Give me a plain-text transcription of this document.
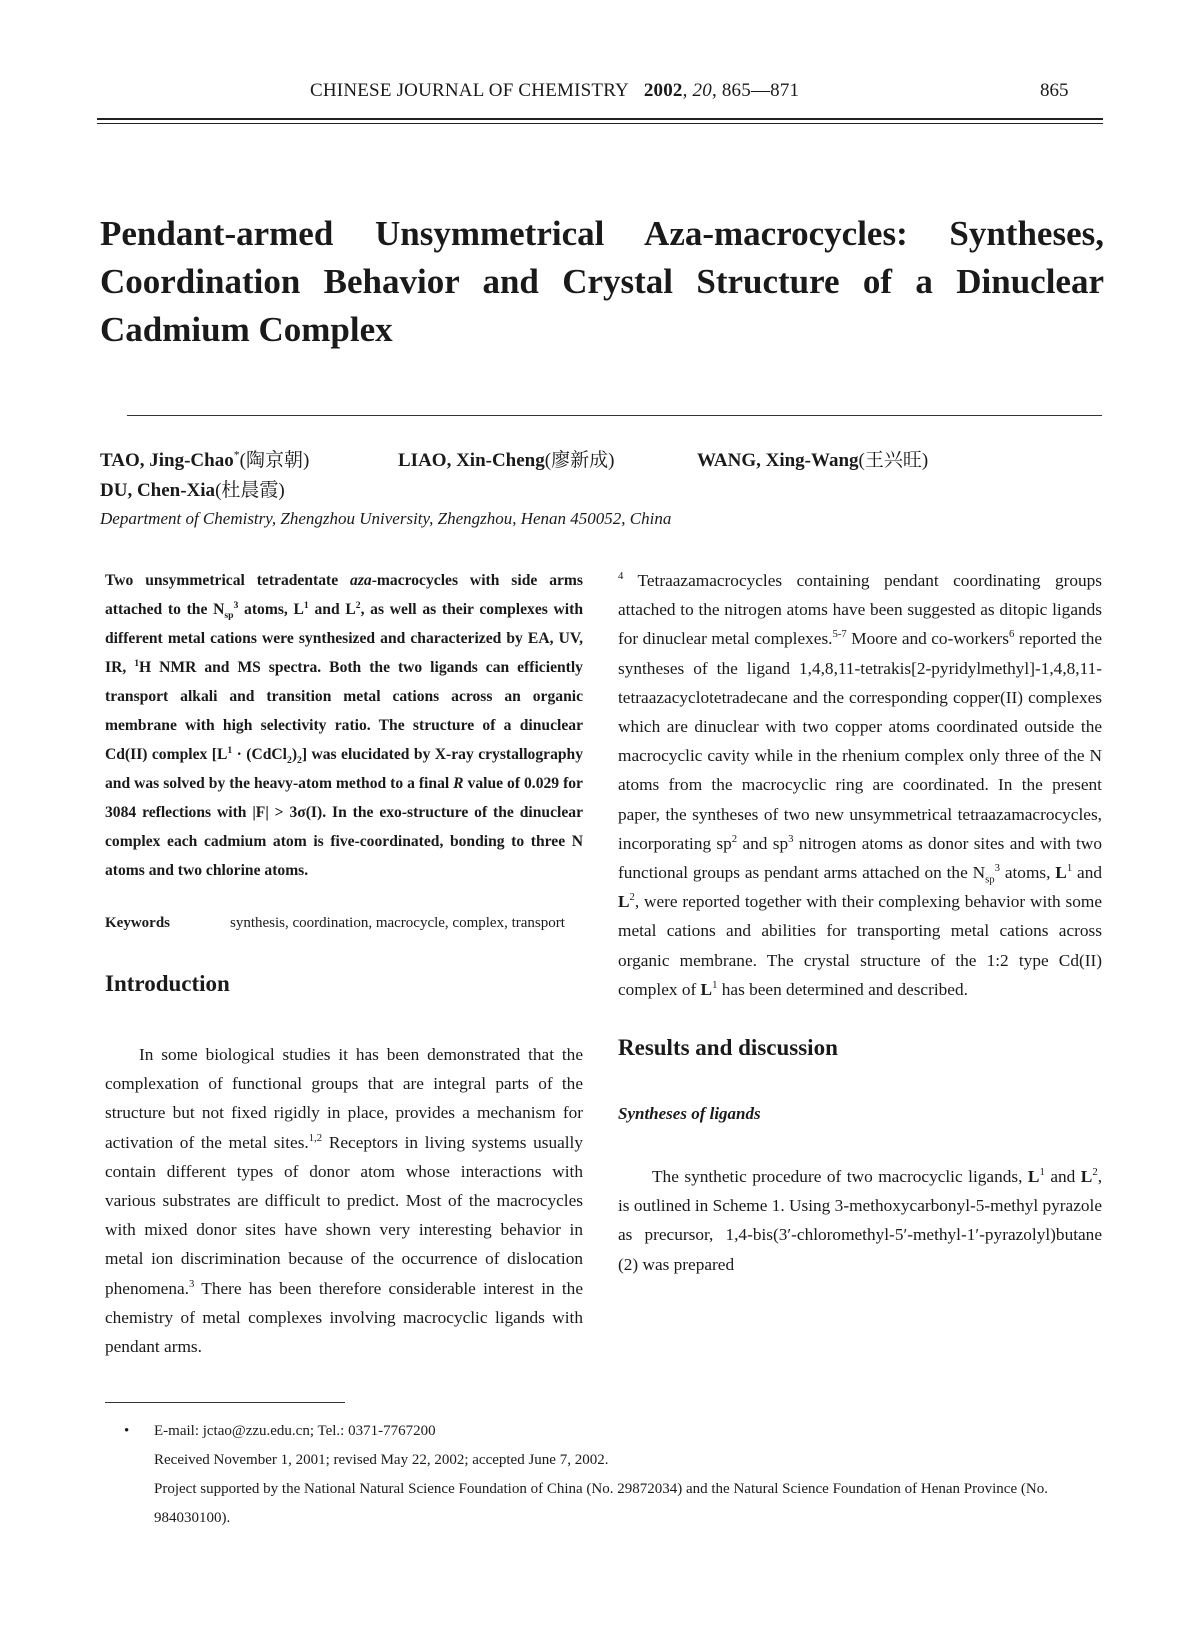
CHINESE JOURNAL OF CHEMISTRY 2002, 20, 865—871	865
Pendant-armed Unsymmetrical Aza-macrocycles: Syntheses, Coordination Behavior and Crystal Structure of a Dinuclear Cadmium Complex
TAO, Jing-Chao*(陶京朝)	LIAO, Xin-Cheng(廖新成)	WANG, Xing-Wang(王兴旺)
DU, Chen-Xia(杜晨霞)
Department of Chemistry, Zhengzhou University, Zhengzhou, Henan 450052, China

Two unsymmetrical tetradentate aza-macrocycles with side arms attached to the $N_{sp}^3$ atoms, $L^1$ and $L^2$, as well as their complexes with different metal cations were synthesized and characterized by EA, UV, IR, $^1$H NMR and MS spectra. Both the two ligands can efficiently transport alkali and transition metal cations across an organic membrane with high selectivity ratio. The structure of a dinuclear Cd(II) complex [$L^1$ · $(CdCl_2)_2$] was elucidated by X-ray crystallography and was solved by the heavy-atom method to a final R value of 0.029 for 3084 reflections with |F| > 3σ(I). In the exo-structure of the dinuclear complex each cadmium atom is five-coordinated, bonding to three N atoms and two chlorine atoms.

Keywords	synthesis, coordination, macrocycle, complex, transport
Introduction

In some biological studies it has been demonstrated that the complexation of functional groups that are integral parts of the structure but not fixed rigidly in place, provides a mechanism for activation of the metal sites.$^{1,2}$ Receptors in living systems usually contain different types of donor atom whose interactions with various substrates are difficult to predict. Most of the macrocycles with mixed donor sites have shown very interesting behavior in metal ion discrimination because of the occurrence of dislocation phenomena.$^3$ There has been therefore considerable interest in the chemistry of metal complexes involving macrocyclic ligands with pendant arms.

$^4$ Tetraazamacrocycles containing pendant coordinating groups attached to the nitrogen atoms have been suggested as ditopic ligands for dinuclear metal complexes.$^{5-7}$ Moore and co-workers$^6$ reported the syntheses of the ligand 1,4,8,11-tetrakis[2-pyridylmethyl]-1,4,8,11-tetraazacyclotetradecane and the corresponding copper(II) complexes which are dinuclear with two copper atoms coordinated outside the macrocyclic cavity while in the rhenium complex only three of the N atoms from the macrocyclic ring are coordinated. In the present paper, the syntheses of two new unsymmetrical tetraazamacrocycles, incorporating $sp^2$ and $sp^3$ nitrogen atoms as donor sites and with two functional groups as pendant arms attached on the $N_{sp}^3$ atoms, $L^1$ and $L^2$, were reported together with their complexing behavior with some metal cations and abilities for transporting metal cations across organic membrane. The crystal structure of the 1:2 type Cd(II) complex of $L^1$ has been determined and described.

Results and discussion
Syntheses of ligands

The synthetic procedure of two macrocyclic ligands, $L^1$ and $L^2$, is outlined in Scheme 1. Using 3-methoxycarbonyl-5-methyl pyrazole as precursor, 1,4-bis(3′-chloromethyl-5′-methyl-1′-pyrazolyl)butane (2) was prepared

• E-mail: jctao@zzu.edu.cn; Tel.: 0371-7767200
Received November 1, 2001; revised May 22, 2002; accepted June 7, 2002.
Project supported by the National Natural Science Foundation of China (No. 29872034) and the Natural Science Foundation of Henan Province (No. 984030100).
